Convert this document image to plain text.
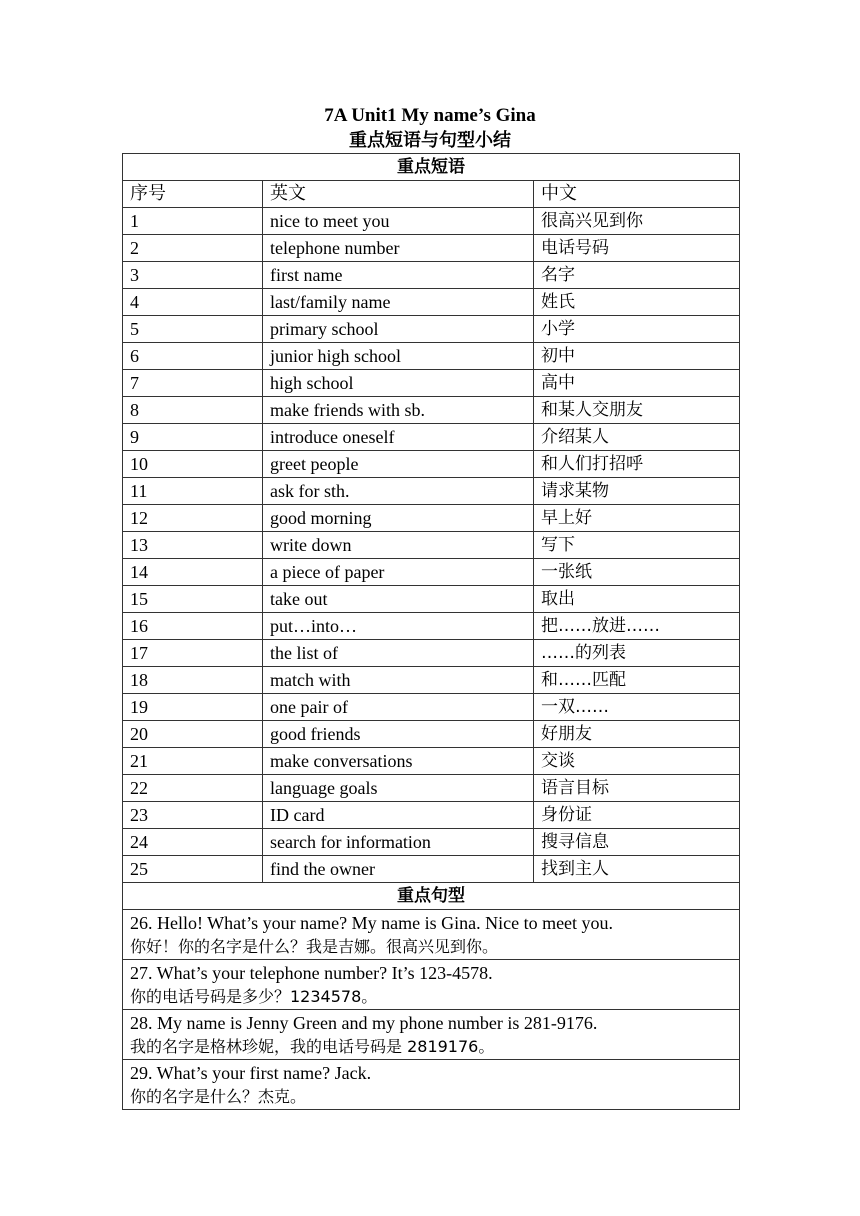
7A Unit1 My name’s Gina
重点短语与句型小结
重点短语		
序号	英文	中文
1	nice to meet you	很高兴见到你
2	telephone number	电话号码
3	first name	名字
4	last/family name	姓氏
5	primary school	小学
6	junior high school	初中
7	high school	高中
8	make friends with sb.	和某人交朋友
9	introduce oneself	介绍某人
10	greet people	和人们打招呼
11	ask for sth.	请求某物
12	good morning	早上好
13	write down	写下
14	a piece of paper	一张纸
15	take out	取出
16	put…into…	把……放进……
17	the list of	……的列表
18	match with	和……匹配
19	one pair of	一双……
20	good friends	好朋友
21	make conversations	交谈
22	language goals	语言目标
23	ID card	身份证
24	search for information	搜寻信息
25	find the owner	找到主人
重点句型		

26. Hello! What’s your name? My name is Gina. Nice to meet you.
你好！你的名字是什么？我是吉娜。很高兴见到你。		

27. What’s your telephone number? It’s 123-4578.
你的电话号码是多少？1234578。		

28. My name is Jenny Green and my phone number is 281-9176.
我的名字是格林珍妮，我的电话号码是 2819176。		

29. What’s your first name? Jack.
你的名字是什么？杰克。		
